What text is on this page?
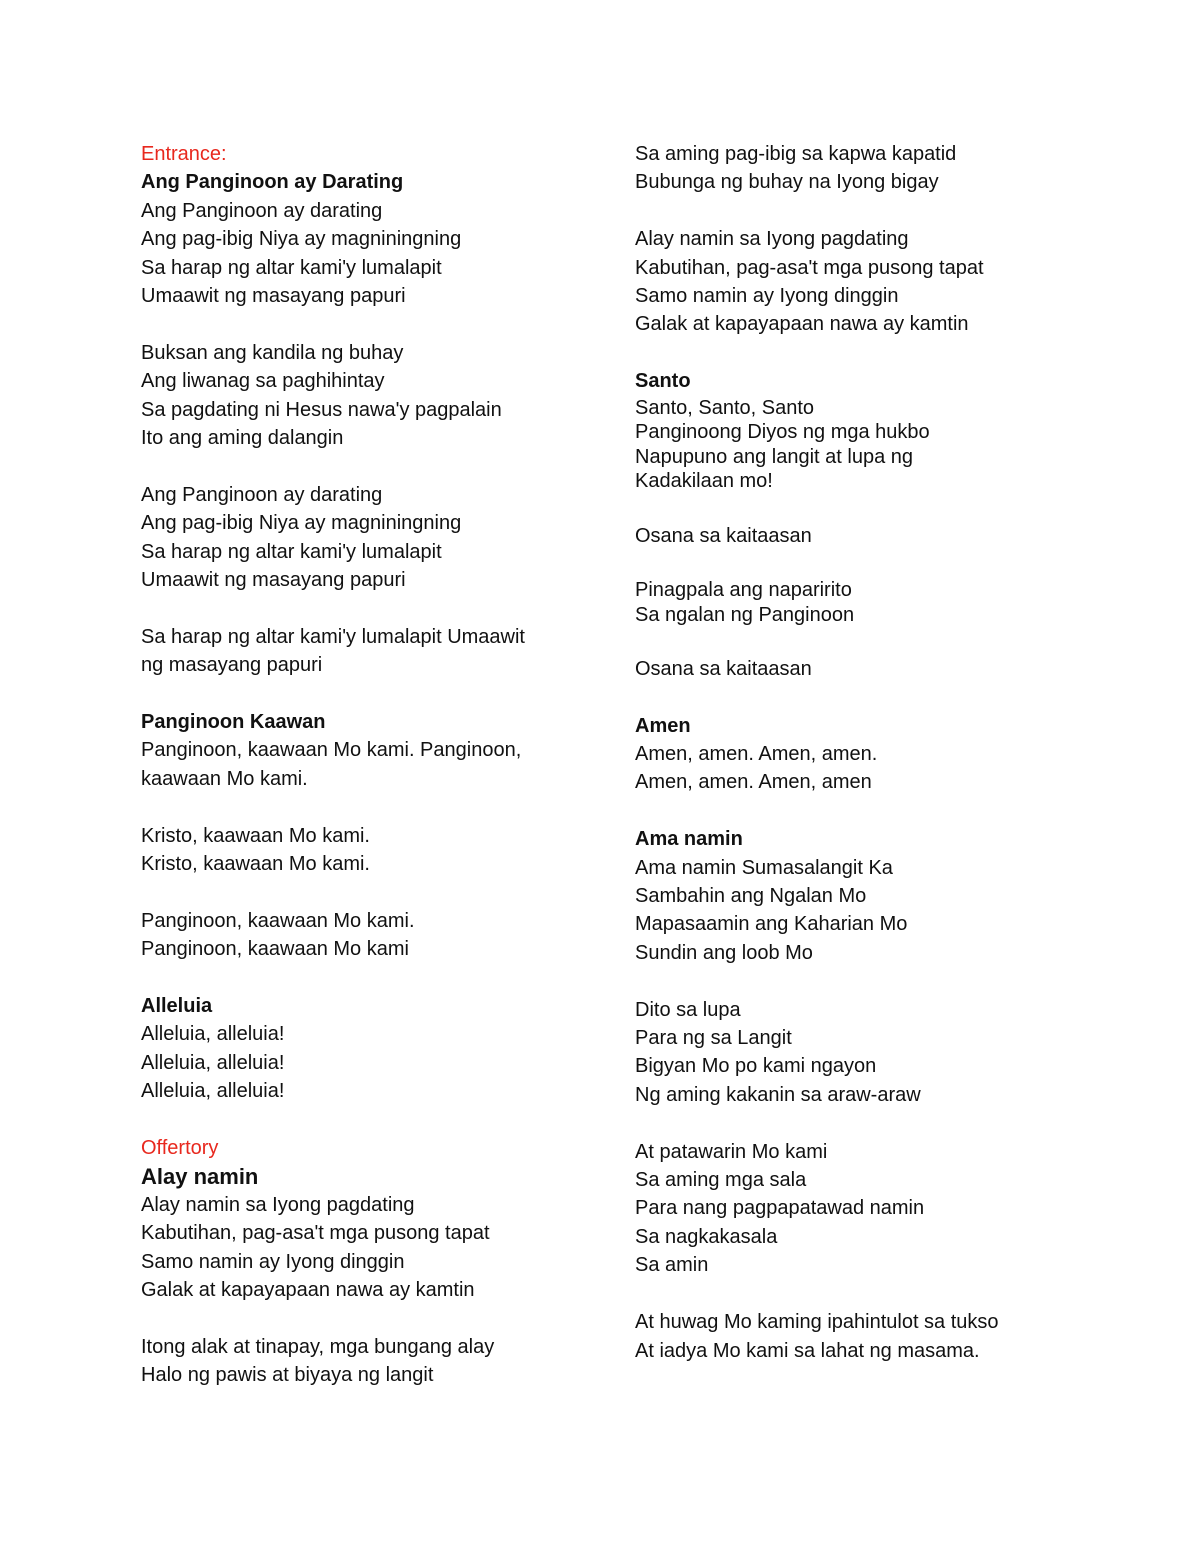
Entrance:
Ang Panginoon ay Darating
Ang Panginoon ay darating
Ang pag-ibig Niya ay magniningning
Sa harap ng altar kami'y lumalapit
Umaawit ng masayang papuri
Buksan ang kandila ng buhay
Ang liwanag sa paghihintay
Sa pagdating ni Hesus nawa'y pagpalain
Ito ang aming dalangin
Ang Panginoon ay darating
Ang pag-ibig Niya ay magniningning
Sa harap ng altar kami'y lumalapit
Umaawit ng masayang papuri
Sa harap ng altar kami'y lumalapit Umaawit
ng masayang papuri
Panginoon Kaawan
Panginoon, kaawaan Mo kami. Panginoon,
kaawaan Mo kami.
Kristo, kaawaan Mo kami.
Kristo, kaawaan Mo kami.
Panginoon, kaawaan Mo kami.
Panginoon, kaawaan Mo kami
Alleluia
Alleluia, alleluia!
Alleluia, alleluia!
Alleluia, alleluia!
Offertory
Alay namin
Alay namin sa Iyong pagdating
Kabutihan, pag-asa't mga pusong tapat
Samo namin ay Iyong dinggin
Galak at kapayapaan nawa ay kamtin
Itong alak at tinapay, mga bungang alay
Halo ng pawis at biyaya ng langit
Sa aming pag-ibig sa kapwa kapatid
Bubunga ng buhay na Iyong bigay
Alay namin sa Iyong pagdating
Kabutihan, pag-asa't mga pusong tapat
Samo namin ay Iyong dinggin
Galak at kapayapaan nawa ay kamtin
Santo
Santo, Santo, Santo
Panginoong Diyos ng mga hukbo
Napupuno ang langit at lupa ng
Kadakilaan mo!
Osana sa kaitaasan
Pinagpala ang naparirito
Sa ngalan ng Panginoon
Osana sa kaitaasan
Amen
Amen, amen. Amen, amen.
Amen, amen. Amen, amen
Ama namin
Ama namin Sumasalangit Ka
Sambahin ang Ngalan Mo
Mapasaamin ang Kaharian Mo
Sundin ang loob Mo
Dito sa lupa
Para ng sa Langit
Bigyan Mo po kami ngayon
Ng aming kakanin sa araw-araw
At patawarin Mo kami
Sa aming mga sala
Para nang pagpapatawad namin
Sa nagkakasala
Sa amin
At huwag Mo kaming ipahintulot sa tukso
At iadya Mo kami sa lahat ng masama.
